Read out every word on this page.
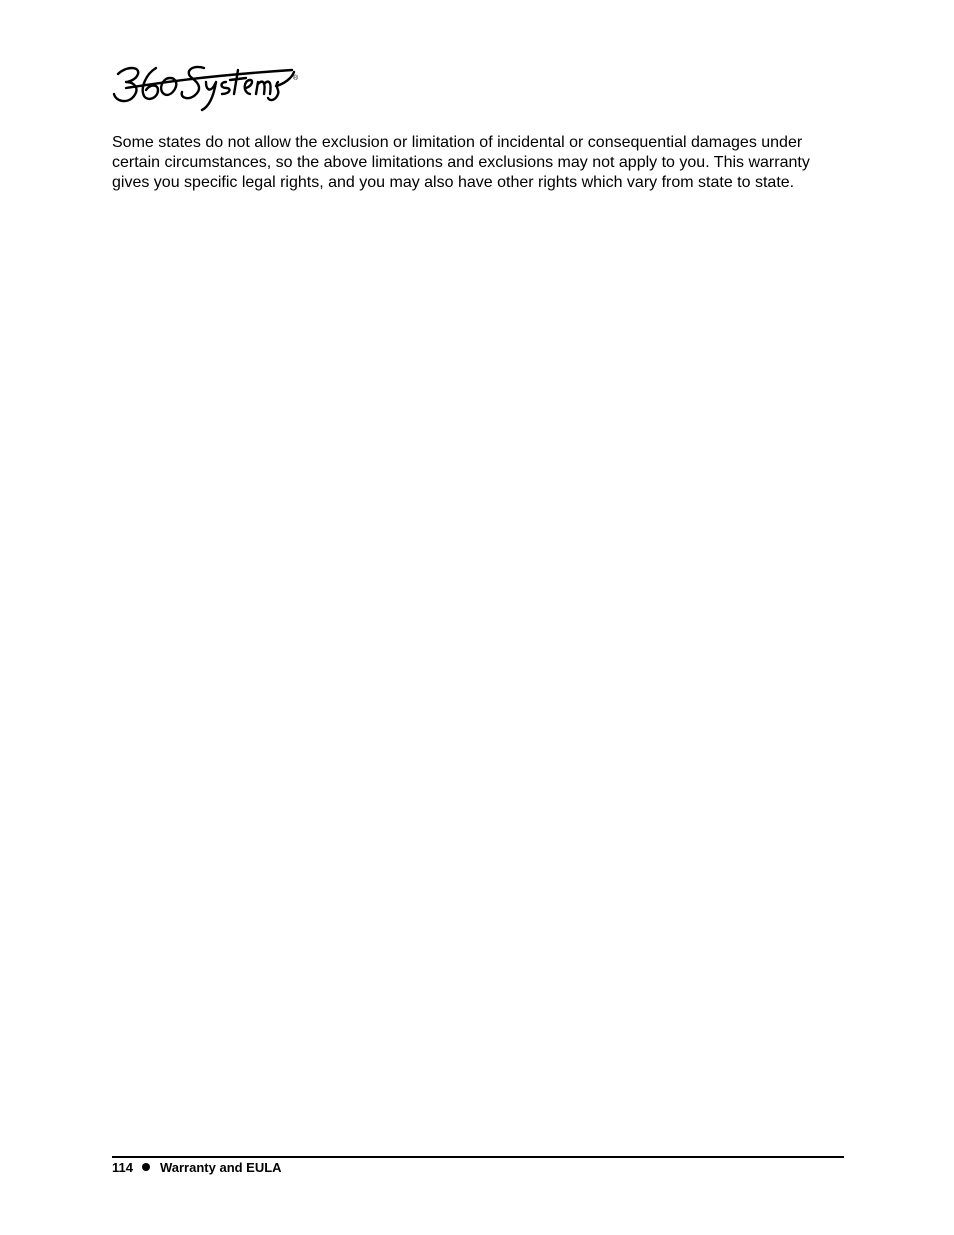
®

Some states do not allow the exclusion or limitation of incidental or consequential damages under certain circumstances, so the above limitations and exclusions may not apply to you. This warranty gives you specific legal rights, and you may also have other rights which vary from state to state.

114 Warranty and EULA
